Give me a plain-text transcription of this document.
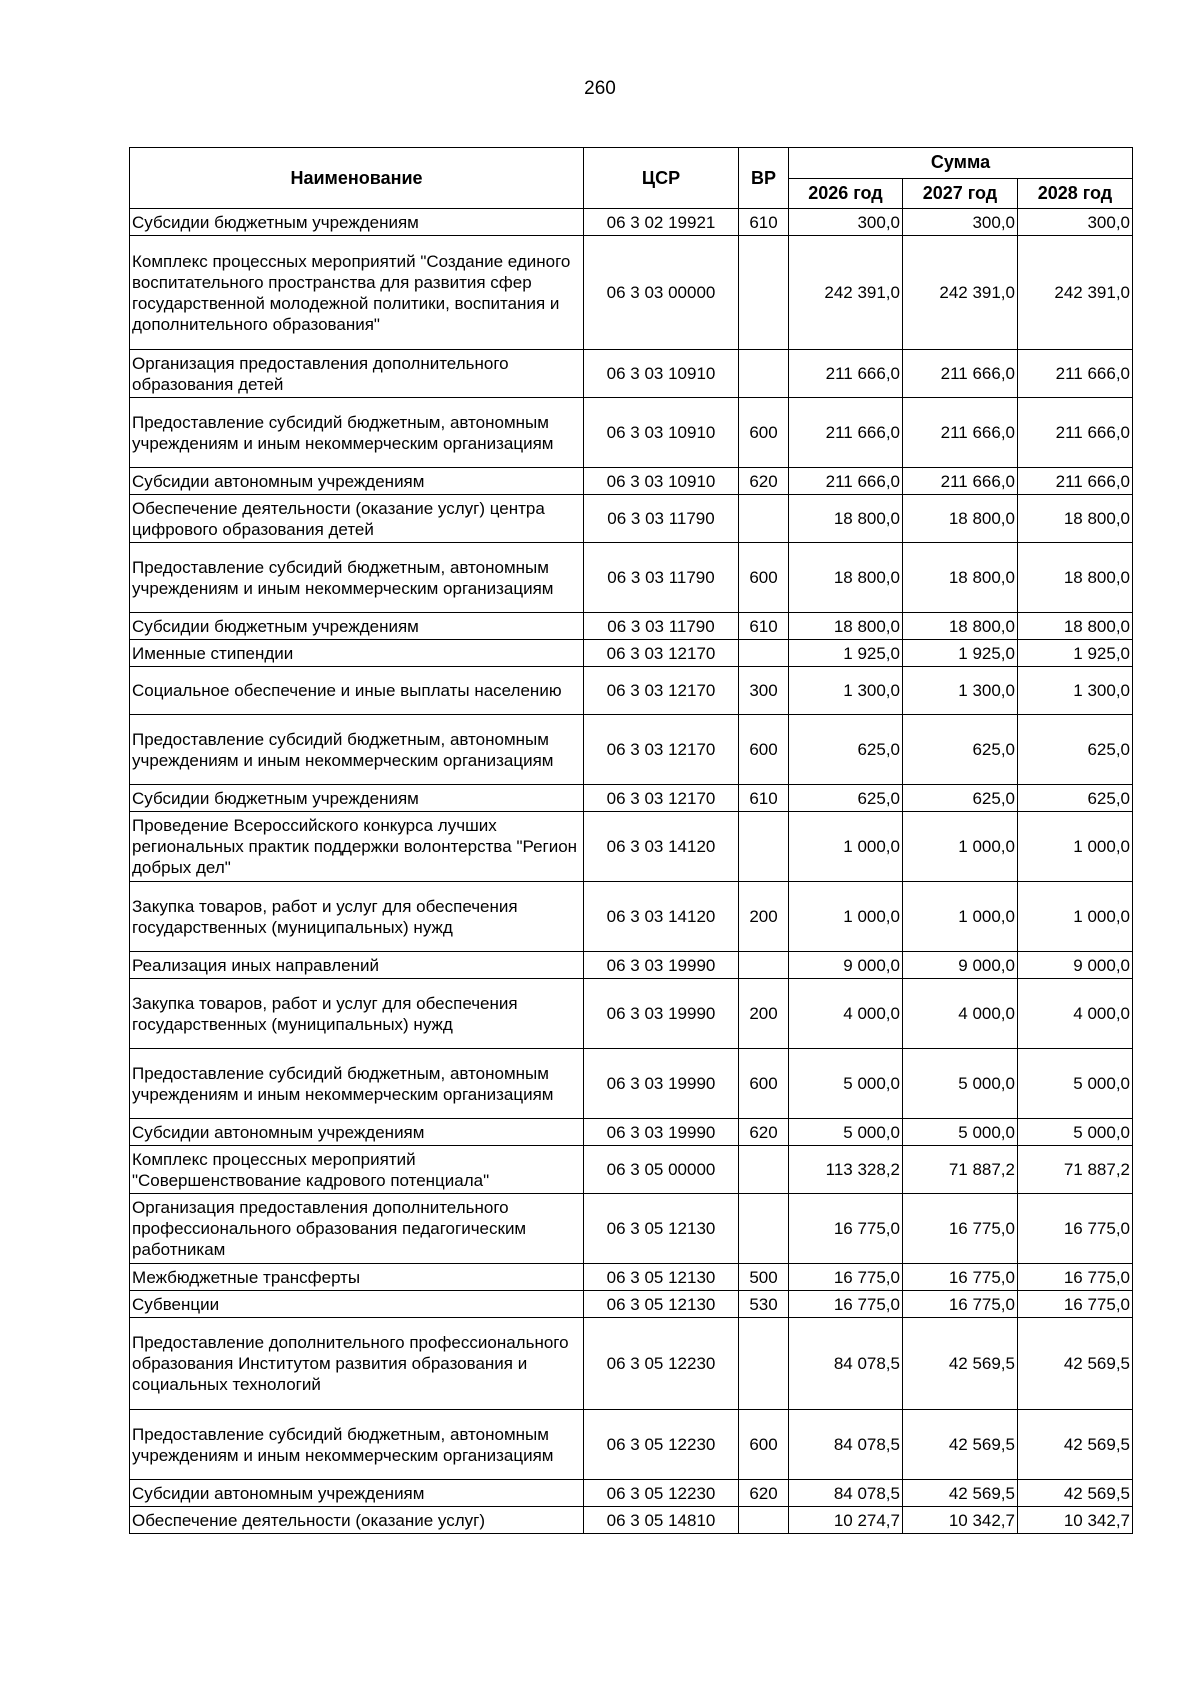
260
Наименование	ЦСР	ВР	Сумма		
			2026 год	2027 год	2028 год
Субсидии бюджетным учреждениям	06 3 02 19921	610	300,0	300,0	300,0
Комплекс процессных мероприятий "Создание единого воспитательного пространства для развития сфер государственной молодежной политики, воспитания и дополнительного образования"	06 3 03 00000		242 391,0	242 391,0	242 391,0
Организация предоставления дополнительного образования детей	06 3 03 10910		211 666,0	211 666,0	211 666,0
Предоставление субсидий бюджетным, автономным учреждениям и иным некоммерческим организациям	06 3 03 10910	600	211 666,0	211 666,0	211 666,0
Субсидии автономным учреждениям	06 3 03 10910	620	211 666,0	211 666,0	211 666,0
Обеспечение деятельности (оказание услуг) центра цифрового образования детей	06 3 03 11790		18 800,0	18 800,0	18 800,0
Предоставление субсидий бюджетным, автономным учреждениям и иным некоммерческим организациям	06 3 03 11790	600	18 800,0	18 800,0	18 800,0
Субсидии бюджетным учреждениям	06 3 03 11790	610	18 800,0	18 800,0	18 800,0
Именные стипендии	06 3 03 12170		1 925,0	1 925,0	1 925,0
Социальное обеспечение и иные выплаты населению	06 3 03 12170	300	1 300,0	1 300,0	1 300,0
Предоставление субсидий бюджетным, автономным учреждениям и иным некоммерческим организациям	06 3 03 12170	600	625,0	625,0	625,0
Субсидии бюджетным учреждениям	06 3 03 12170	610	625,0	625,0	625,0
Проведение Всероссийского конкурса лучших региональных практик поддержки волонтерства "Регион добрых дел"	06 3 03 14120		1 000,0	1 000,0	1 000,0
Закупка товаров, работ и услуг для обеспечения государственных (муниципальных) нужд	06 3 03 14120	200	1 000,0	1 000,0	1 000,0
Реализация иных направлений	06 3 03 19990		9 000,0	9 000,0	9 000,0
Закупка товаров, работ и услуг для обеспечения государственных (муниципальных) нужд	06 3 03 19990	200	4 000,0	4 000,0	4 000,0
Предоставление субсидий бюджетным, автономным учреждениям и иным некоммерческим организациям	06 3 03 19990	600	5 000,0	5 000,0	5 000,0
Субсидии автономным учреждениям	06 3 03 19990	620	5 000,0	5 000,0	5 000,0
Комплекс процессных мероприятий "Совершенствование кадрового потенциала"	06 3 05 00000		113 328,2	71 887,2	71 887,2
Организация предоставления дополнительного профессионального образования педагогическим работникам	06 3 05 12130		16 775,0	16 775,0	16 775,0
Межбюджетные трансферты	06 3 05 12130	500	16 775,0	16 775,0	16 775,0
Субвенции	06 3 05 12130	530	16 775,0	16 775,0	16 775,0
Предоставление дополнительного профессионального образования Институтом развития образования и социальных технологий	06 3 05 12230		84 078,5	42 569,5	42 569,5
Предоставление субсидий бюджетным, автономным учреждениям и иным некоммерческим организациям	06 3 05 12230	600	84 078,5	42 569,5	42 569,5
Субсидии автономным учреждениям	06 3 05 12230	620	84 078,5	42 569,5	42 569,5
Обеспечение деятельности (оказание услуг)	06 3 05 14810		10 274,7	10 342,7	10 342,7
